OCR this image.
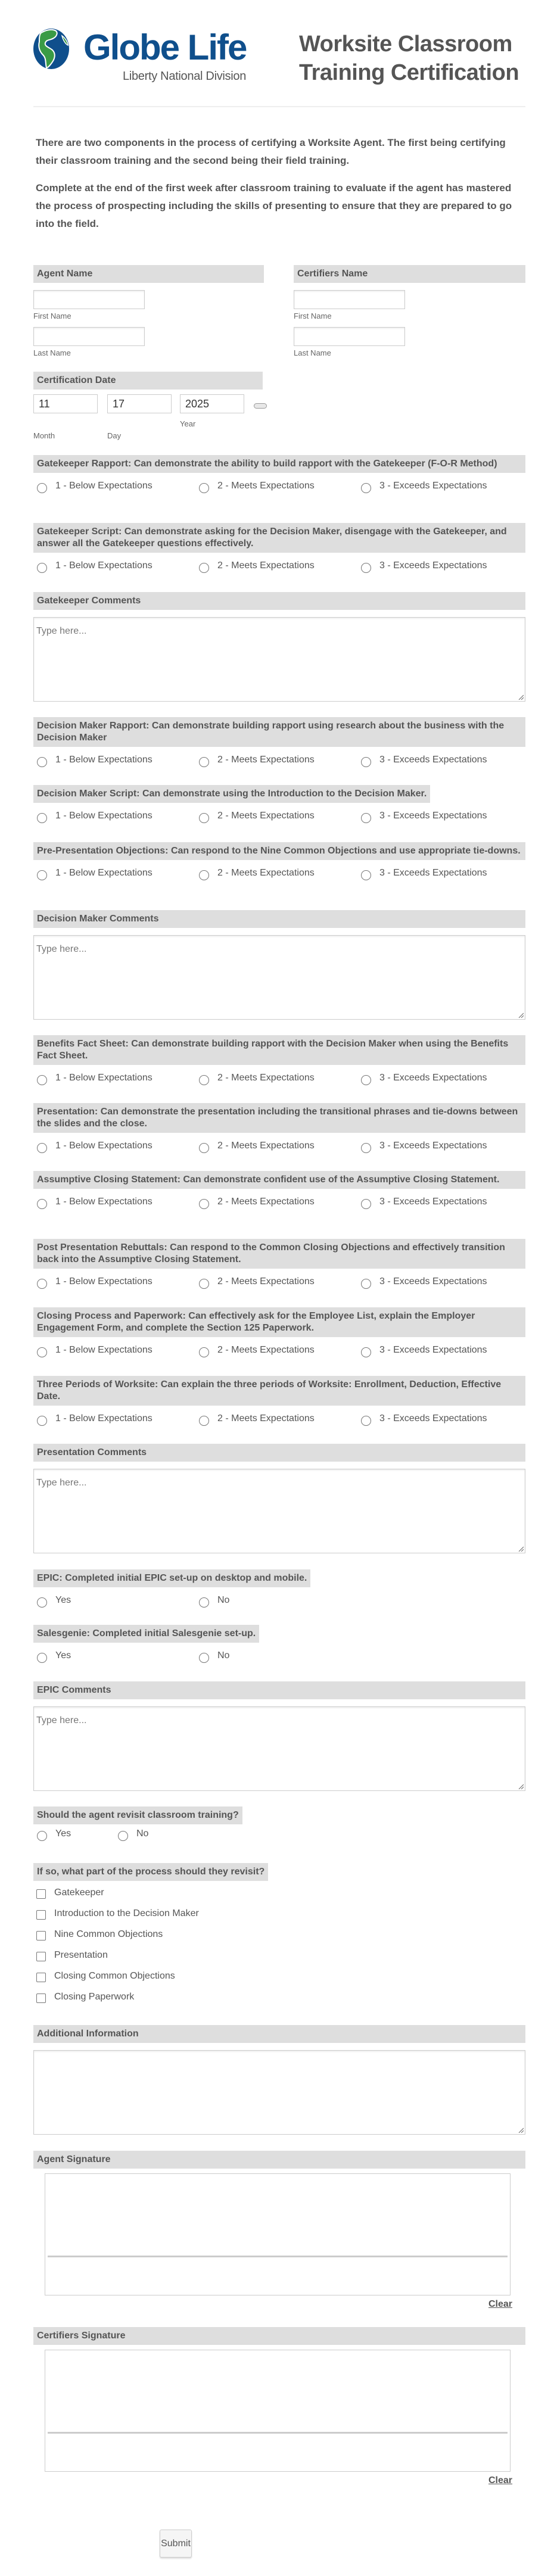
Globe Life
Liberty National Division
Worksite Classroom
Training Certification

There are two components in the process of certifying a Worksite Agent. The first being certifying their classroom training and the second being their field training.

Complete at the end of the first week after classroom training to evaluate if the agent has mastered the process of prospecting including the skills of presenting to ensure that they are prepared to go into the field.

Agent Name
First Name
Last Name
Certifiers Name
First Name
Last Name
Certification Date
11
17
2025
Year
Month	Day
Gatekeeper Rapport: Can demonstrate the ability to build rapport with the Gatekeeper (F-O-R Method)
1 - Below Expectations	2 - Meets Expectations	3 - Exceeds Expectations
Gatekeeper Script: Can demonstrate asking for the Decision Maker, disengage with the Gatekeeper, and answer all the Gatekeeper questions effectively.
1 - Below Expectations	2 - Meets Expectations	3 - Exceeds Expectations
Decision Maker Rapport: Can demonstrate building rapport using research about the business with the Decision Maker
1 - Below Expectations	2 - Meets Expectations	3 - Exceeds Expectations
Decision Maker Script: Can demonstrate using the Introduction to the Decision Maker.
1 - Below Expectations	2 - Meets Expectations	3 - Exceeds Expectations
Pre-Presentation Objections: Can respond to the Nine Common Objections and use appropriate tie-downs.
1 - Below Expectations	2 - Meets Expectations	3 - Exceeds Expectations
Benefits Fact Sheet: Can demonstrate building rapport with the Decision Maker when using the Benefits Fact Sheet.
1 - Below Expectations	2 - Meets Expectations	3 - Exceeds Expectations
Presentation: Can demonstrate the presentation including the transitional phrases and tie-downs between the slides and the close.
1 - Below Expectations	2 - Meets Expectations	3 - Exceeds Expectations
Assumptive Closing Statement: Can demonstrate confident use of the Assumptive Closing Statement.
1 - Below Expectations	2 - Meets Expectations	3 - Exceeds Expectations
Post Presentation Rebuttals: Can respond to the Common Closing Objections and effectively transition back into the Assumptive Closing Statement.
1 - Below Expectations	2 - Meets Expectations	3 - Exceeds Expectations
Closing Process and Paperwork: Can effectively ask for the Employee List, explain the Employer Engagement Form, and complete the Section 125 Paperwork.
1 - Below Expectations	2 - Meets Expectations	3 - Exceeds Expectations
Three Periods of Worksite: Can explain the three periods of Worksite: Enrollment, Deduction, Effective Date.
1 - Below Expectations	2 - Meets Expectations	3 - Exceeds Expectations
Gatekeeper Comments
Type here...
Decision Maker Comments
Type here...
Presentation Comments
Type here...
EPIC: Completed initial EPIC set-up on desktop and mobile.
Yes	No
Salesgenie: Completed initial Salesgenie set-up.
Yes	No
EPIC Comments
Type here...
Should the agent revisit classroom training?
Yes	No
If so, what part of the process should they revisit?
Gatekeeper
Introduction to the Decision Maker
Nine Common Objections
Presentation
Closing Common Objections
Closing Paperwork
Additional Information
Agent Signature
Clear
Certifiers Signature
Clear
Submit
